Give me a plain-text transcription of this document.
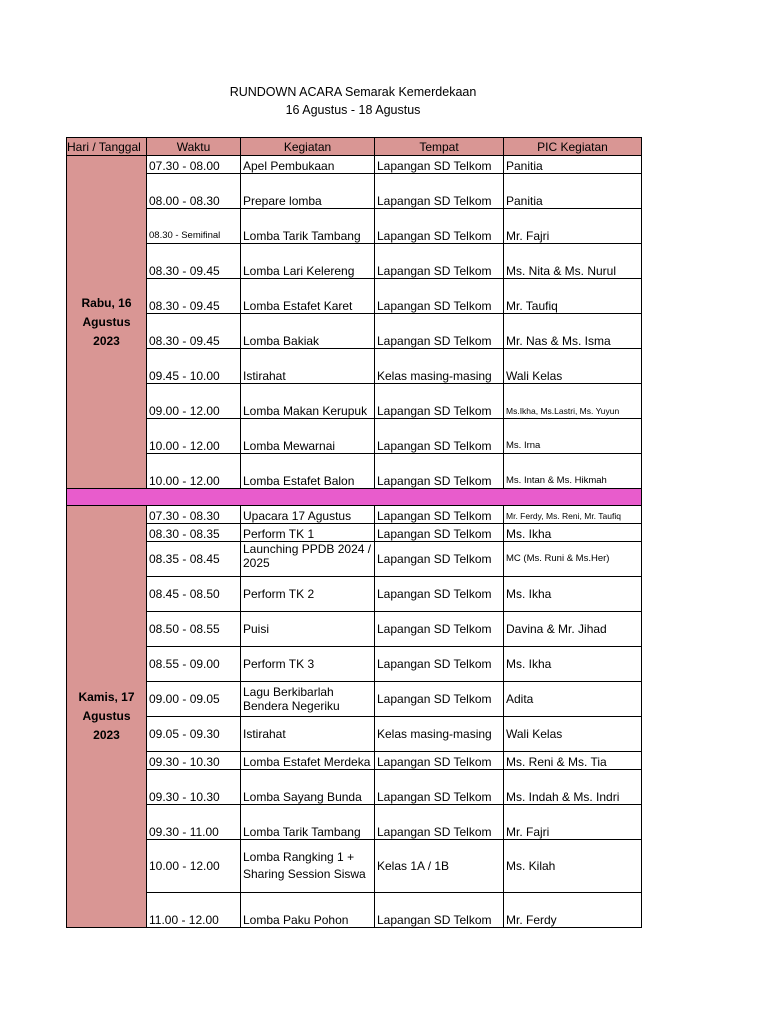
RUNDOWN ACARA Semarak Kemerdekaan
16 Agustus - 18 Agustus
Hari / Tanggal	Waktu	Kegiatan	Tempat	PIC Kegiatan
Rabu, 16 Agustus 2023	07.30 - 08.00	Apel Pembukaan	Lapangan SD Telkom	Panitia
	08.00 - 08.30	Prepare lomba	Lapangan SD Telkom	Panitia
	08.30 - Semifinal	Lomba Tarik Tambang	Lapangan SD Telkom	Mr. Fajri
	08.30 - 09.45	Lomba Lari Kelereng	Lapangan SD Telkom	Ms. Nita & Ms. Nurul
	08.30 - 09.45	Lomba Estafet Karet	Lapangan SD Telkom	Mr. Taufiq
	08.30 - 09.45	Lomba Bakiak	Lapangan SD Telkom	Mr. Nas & Ms. Isma
	09.45 - 10.00	Istirahat	Kelas masing-masing	Wali Kelas
	09.00 - 12.00	Lomba Makan Kerupuk	Lapangan SD Telkom	Ms.Ikha, Ms.Lastri, Ms. Yuyun
	10.00 - 12.00	Lomba Mewarnai	Lapangan SD Telkom	Ms. Irna
	10.00 - 12.00	Lomba Estafet Balon	Lapangan SD Telkom	Ms. Intan & Ms. Hikmah

Kamis, 17 Agustus 2023	07.30 - 08.30	Upacara 17 Agustus	Lapangan SD Telkom	Mr. Ferdy, Ms. Reni, Mr. Taufiq
	08.30 - 08.35	Perform TK 1	Lapangan SD Telkom	Ms. Ikha
	08.35 - 08.45	Launching PPDB 2024 / 2025	Lapangan SD Telkom	MC (Ms. Runi & Ms.Her)
	08.45 - 08.50	Perform TK 2	Lapangan SD Telkom	Ms. Ikha
	08.50 - 08.55	Puisi	Lapangan SD Telkom	Davina & Mr. Jihad
	08.55 - 09.00	Perform TK 3	Lapangan SD Telkom	Ms. Ikha
	09.00 - 09.05	Lagu Berkibarlah Bendera Negeriku	Lapangan SD Telkom	Adita
	09.05 - 09.30	Istirahat	Kelas masing-masing	Wali Kelas
	09.30 - 10.30	Lomba Estafet Merdeka	Lapangan SD Telkom	Ms. Reni & Ms. Tia
	09.30 - 10.30	Lomba Sayang Bunda	Lapangan SD Telkom	Ms. Indah & Ms. Indri
	09.30 - 11.00	Lomba Tarik Tambang	Lapangan SD Telkom	Mr. Fajri
	10.00 - 12.00	Lomba Rangking 1 + Sharing Session Siswa	Kelas 1A / 1B	Ms. Kilah
	11.00 - 12.00	Lomba Paku Pohon	Lapangan SD Telkom	Mr. Ferdy
